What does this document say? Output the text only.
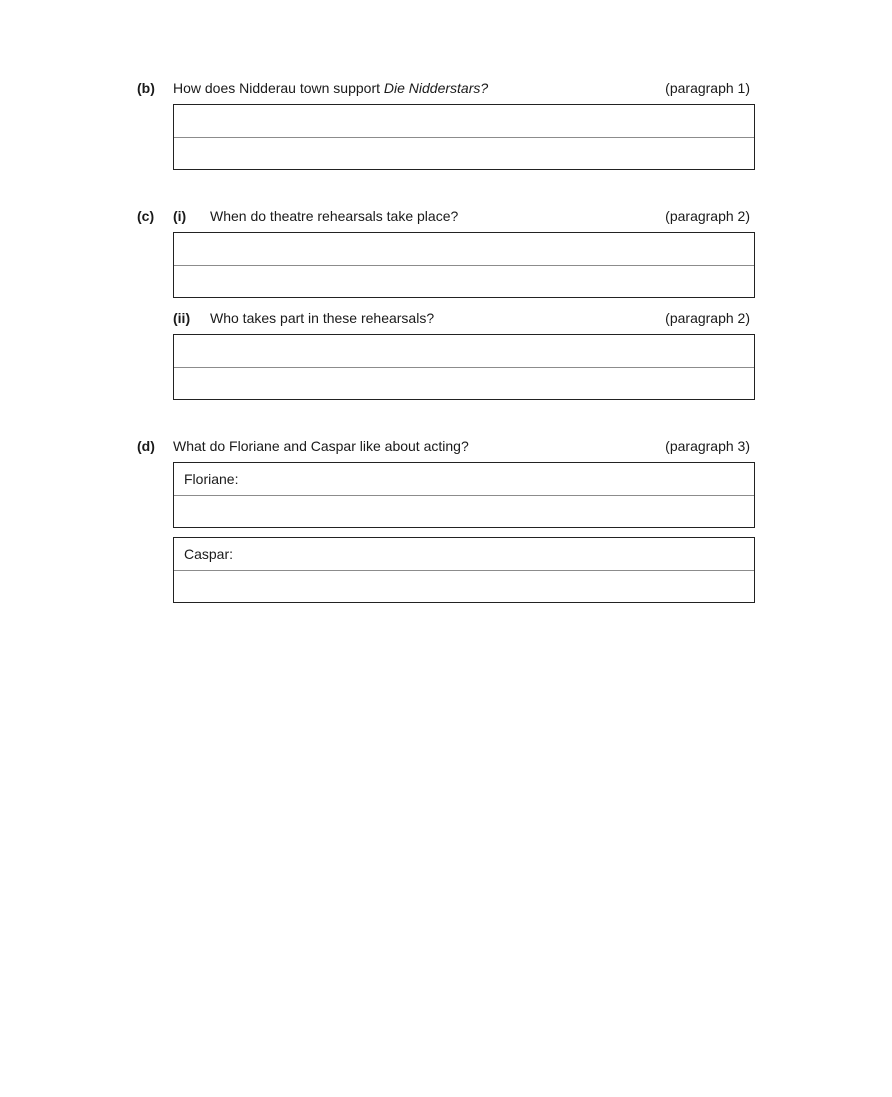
(b) How does Nidderau town support Die Nidderstars?	(paragraph 1)
(c) (i) When do theatre rehearsals take place?	(paragraph 2)
(ii) Who takes part in these rehearsals?	(paragraph 2)
(d) What do Floriane and Caspar like about acting?	(paragraph 3)
Floriane:
Caspar:
